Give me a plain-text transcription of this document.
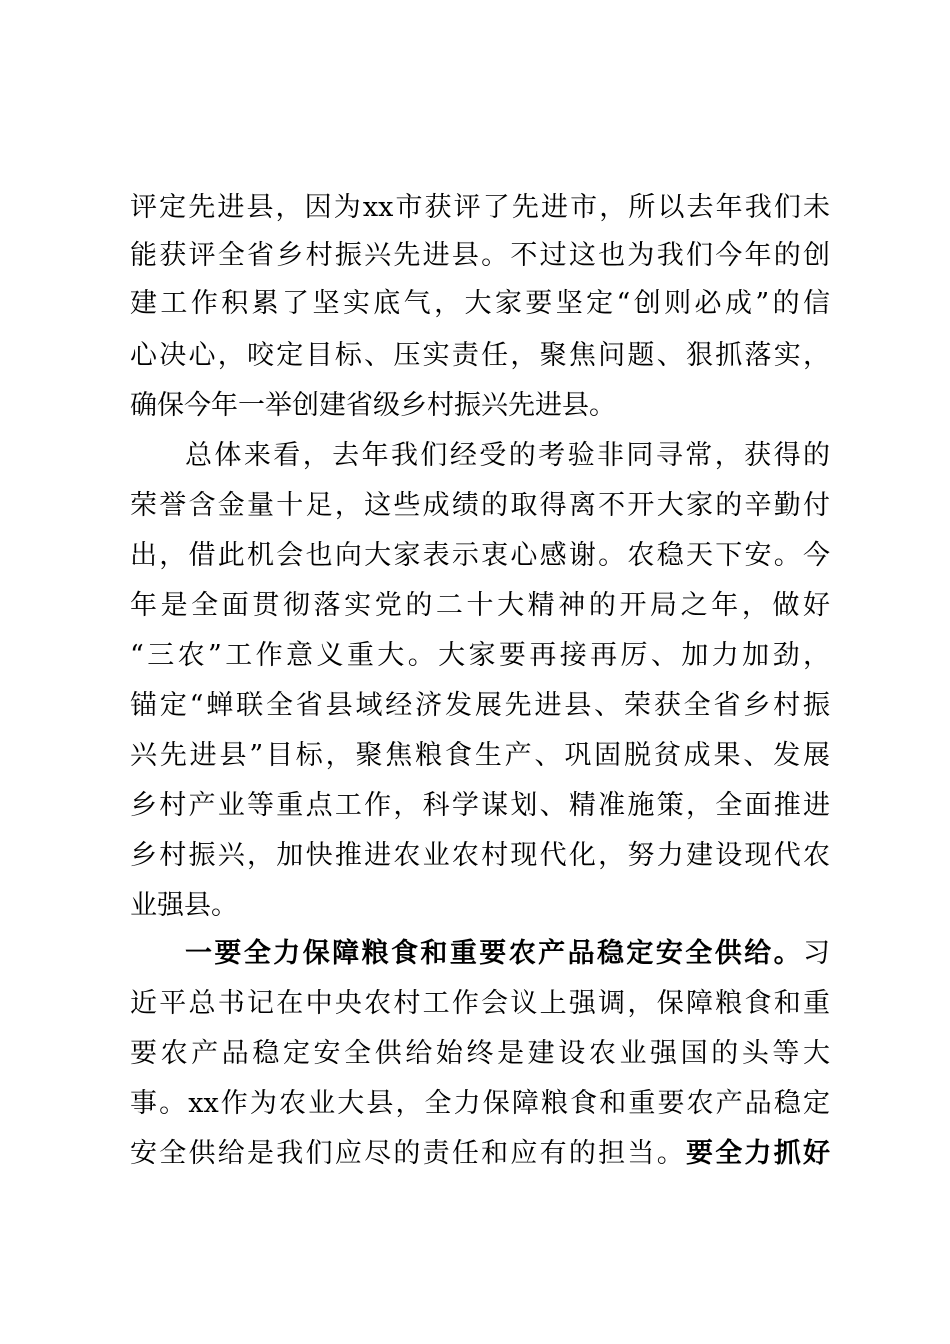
评定先进县，因为xx市获评了先进市，所以去年我们未
能获评全省乡村振兴先进县。不过这也为我们今年的创
建工作积累了坚实底气，大家要坚定“创则必成”的信
心决心，咬定目标、压实责任，聚焦问题、狠抓落实，
确保今年一举创建省级乡村振兴先进县。
总体来看，去年我们经受的考验非同寻常，获得的
荣誉含金量十足，这些成绩的取得离不开大家的辛勤付
出，借此机会也向大家表示衷心感谢。农稳天下安。今
年是全面贯彻落实党的二十大精神的开局之年，做好
“三农”工作意义重大。大家要再接再厉、加力加劲，
锚定“蝉联全省县域经济发展先进县、荣获全省乡村振
兴先进县”目标，聚焦粮食生产、巩固脱贫成果、发展
乡村产业等重点工作，科学谋划、精准施策，全面推进
乡村振兴，加快推进农业农村现代化，努力建设现代农
业强县。
一要全力保障粮食和重要农产品稳定安全供给。习
近平总书记在中央农村工作会议上强调，保障粮食和重
要农产品稳定安全供给始终是建设农业强国的头等大
事。xx作为农业大县，全力保障粮食和重要农产品稳定
安全供给是我们应尽的责任和应有的担当。要全力抓好
